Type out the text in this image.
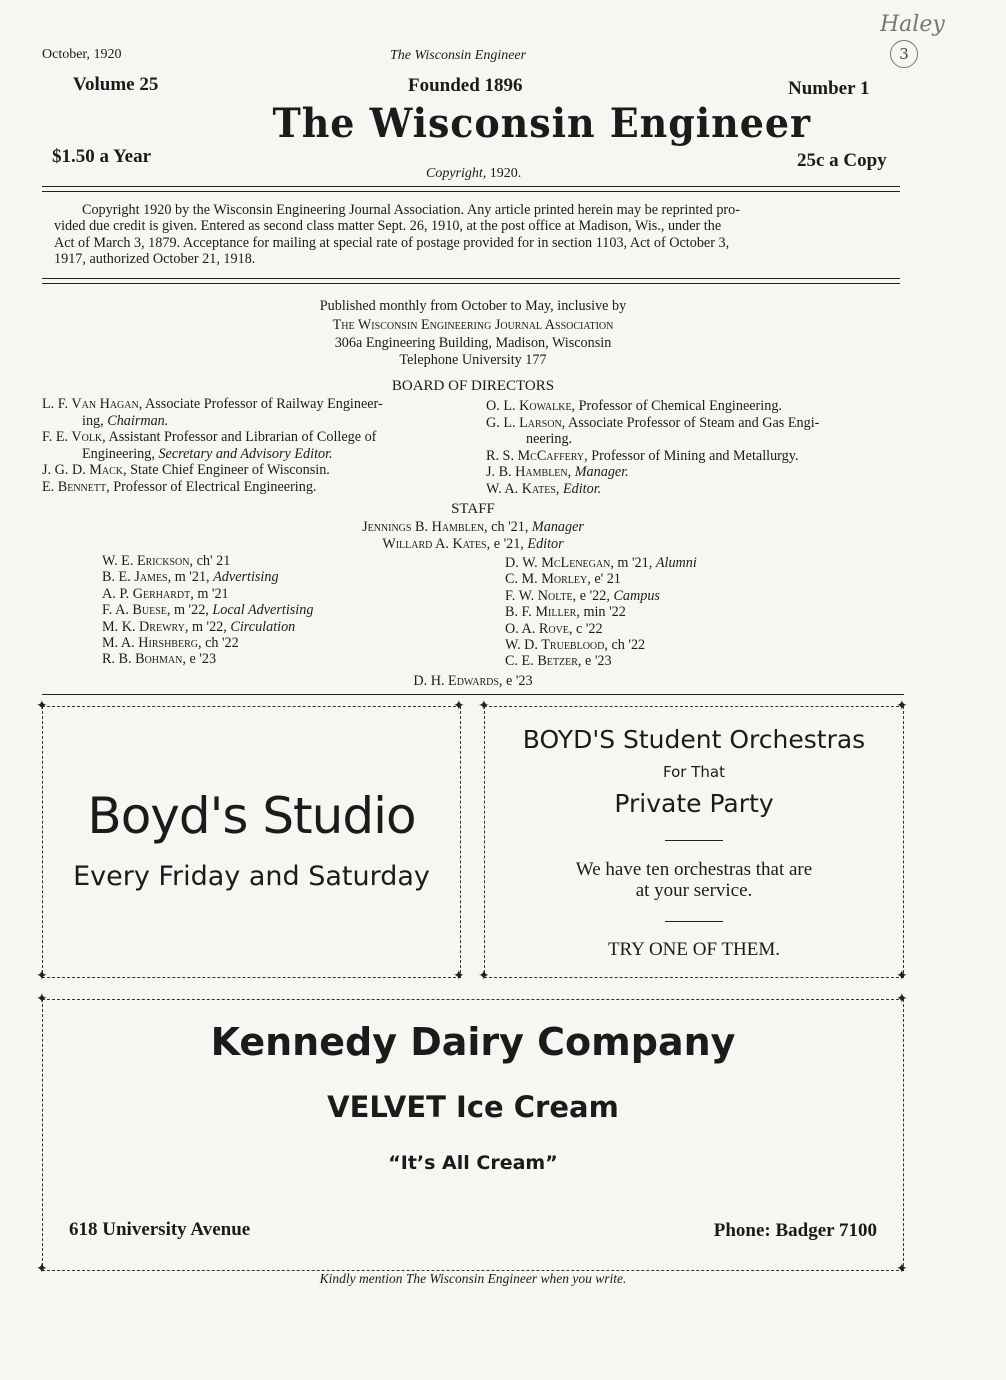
October, 1920	The Wisconsin Engineer
Haley
3
Volume 25	Founded 1896	Number 1
The Wisconsin Engineer
$1.50 a Year	25c a Copy
Copyright, 1920.
Copyright 1920 by the Wisconsin Engineering Journal Association. Any article printed herein may be reprinted pro-
vided due credit is given. Entered as second class matter Sept. 26, 1910, at the post office at Madison, Wis., under the
Act of March 3, 1879. Acceptance for mailing at special rate of postage provided for in section 1103, Act of October 3,
1917, authorized October 21, 1918.
Published monthly from October to May, inclusive by
The Wisconsin Engineering Journal Association
306a Engineering Building, Madison, Wisconsin
Telephone University 177
BOARD OF DIRECTORS
L. F. Van Hagan, Associate Professor of Railway Engineer-
ing, Chairman.
F. E. Volk, Assistant Professor and Librarian of College of
Engineering, Secretary and Advisory Editor.
J. G. D. Mack, State Chief Engineer of Wisconsin.
E. Bennett, Professor of Electrical Engineering.
O. L. Kowalke, Professor of Chemical Engineering.
G. L. Larson, Associate Professor of Steam and Gas Engi-
neering.
R. S. McCaffery, Professor of Mining and Metallurgy.
J. B. Hamblen, Manager.
W. A. Kates, Editor.
STAFF
Jennings B. Hamblen, ch '21, Manager
Willard A. Kates, e '21, Editor
W. E. Erickson, ch' 21
B. E. James, m '21, Advertising
A. P. Gerhardt, m '21
F. A. Buese, m '22, Local Advertising
M. K. Drewry, m '22, Circulation
M. A. Hirshberg, ch '22
R. B. Bohman, e '23
D. W. McLenegan, m '21, Alumni
C. M. Morley, e' 21
F. W. Nolte, e '22, Campus
B. F. Miller, min '22
O. A. Rove, c '22
W. D. Trueblood, ch '22
C. E. Betzer, e '23
D. H. Edwards, e '23
Boyd's Studio
Every Friday and Saturday
✦	✦
✦	✦
BOYD'S Student Orchestras
For That
Private Party
We have ten orchestras that are
at your service.
TRY ONE OF THEM.
✦	✦
✦	✦
Kennedy Dairy Company
VELVET Ice Cream
“It’s All Cream”
618 University Avenue	Phone: Badger 7100
✦	✦
✦	✦
Kindly mention The Wisconsin Engineer when you write.
